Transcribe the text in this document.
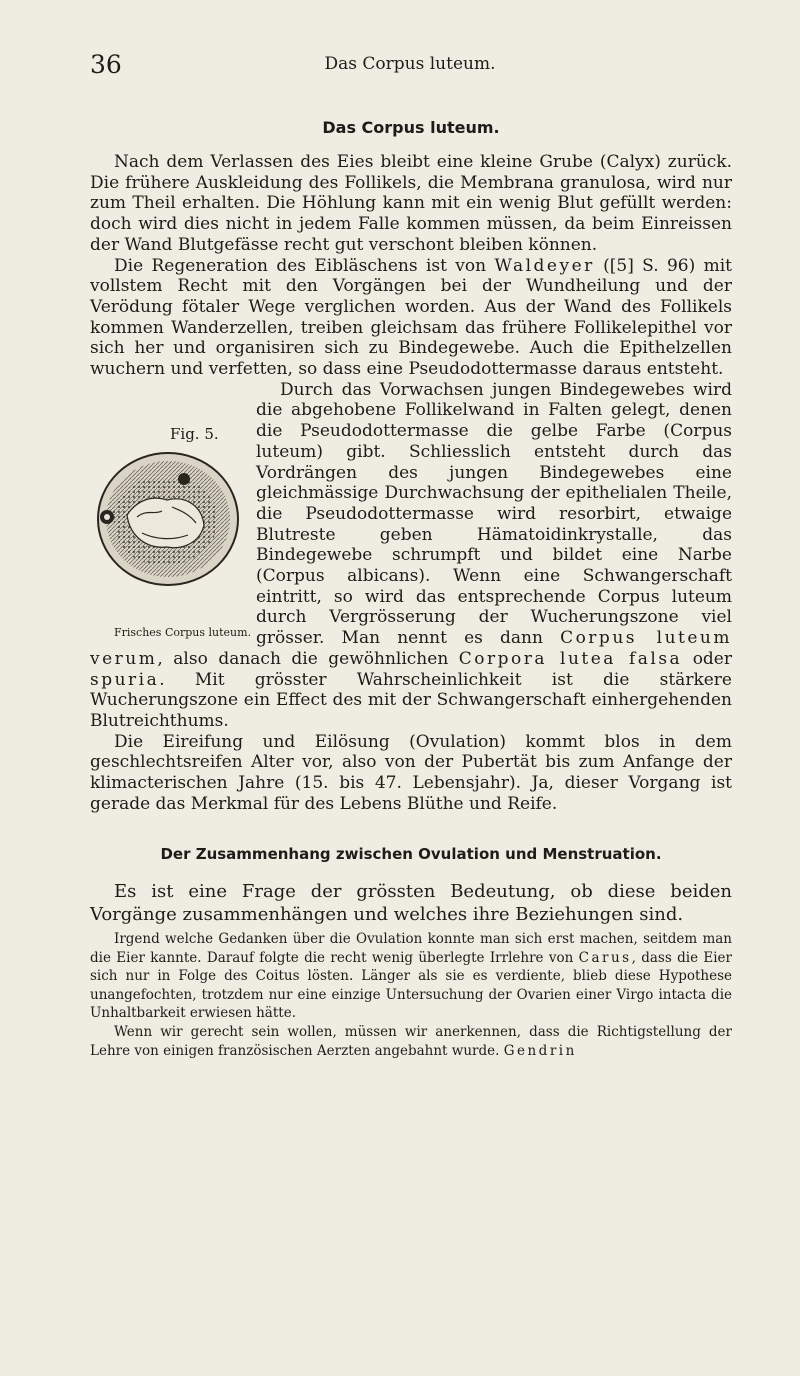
36	Das Corpus luteum.
Das Corpus luteum.

Nach dem Verlassen des Eies bleibt eine kleine Grube (Calyx) zurück. Die frühere Auskleidung des Follikels, die Membrana granulosa, wird nur zum Theil erhalten. Die Höhlung kann mit ein wenig Blut gefüllt werden: doch wird dies nicht in jedem Falle kommen müssen, da beim Einreissen der Wand Blutgefässe recht gut verschont bleiben können.

Die Regeneration des Eibläschens ist von Waldeyer ([5] S. 96) mit vollstem Recht mit den Vorgängen bei der Wundheilung und der Verödung fötaler Wege verglichen worden. Aus der Wand des Follikels kommen Wanderzellen, treiben gleichsam das frühere Follikelepithel vor sich her und organisiren sich zu Bindegewebe. Auch die Epithelzellen wuchern und verfetten, so dass eine Pseudodottermasse daraus entsteht.

Fig. 5.
Frisches Corpus luteum.
Durch das Vorwachsen jungen Bindegewebes wird die abgehobene Follikelwand in Falten gelegt, denen die Pseudodottermasse die gelbe Farbe (Corpus luteum) gibt. Schliesslich entsteht durch das Vordrängen des jungen Bindegewebes eine gleichmässige Durchwachsung der epithelialen Theile, die Pseudodottermasse wird resorbirt, etwaige Blutreste geben Hämatoidinkrystalle, das Bindegewebe schrumpft und bildet eine Narbe (Corpus albicans). Wenn eine Schwangerschaft eintritt, so wird das entsprechende Corpus luteum durch Vergrösserung der Wucherungszone viel grösser. Man nennt es dann Corpus luteum verum, also danach die gewöhnlichen Corpora lutea falsa oder spuria. Mit grösster Wahrscheinlichkeit ist die stärkere Wucherungszone ein Effect des mit der Schwangerschaft einhergehenden Blutreichthums.

Die Eireifung und Eilösung (Ovulation) kommt blos in dem geschlechtsreifen Alter vor, also von der Pubertät bis zum Anfange der klimacterischen Jahre (15. bis 47. Lebensjahr). Ja, dieser Vorgang ist gerade das Merkmal für des Lebens Blüthe und Reife.

Der Zusammenhang zwischen Ovulation und Menstruation.

Es ist eine Frage der grössten Bedeutung, ob diese beiden Vorgänge zusammenhängen und welches ihre Beziehungen sind.

Irgend welche Gedanken über die Ovulation konnte man sich erst machen, seitdem man die Eier kannte. Darauf folgte die recht wenig überlegte Irrlehre von Carus, dass die Eier sich nur in Folge des Coitus lösten. Länger als sie es verdiente, blieb diese Hypothese unangefochten, trotzdem nur eine einzige Untersuchung der Ovarien einer Virgo intacta die Unhaltbarkeit erwiesen hätte.

Wenn wir gerecht sein wollen, müssen wir anerkennen, dass die Richtigstellung der Lehre von einigen französischen Aerzten angebahnt wurde. Gendrin
